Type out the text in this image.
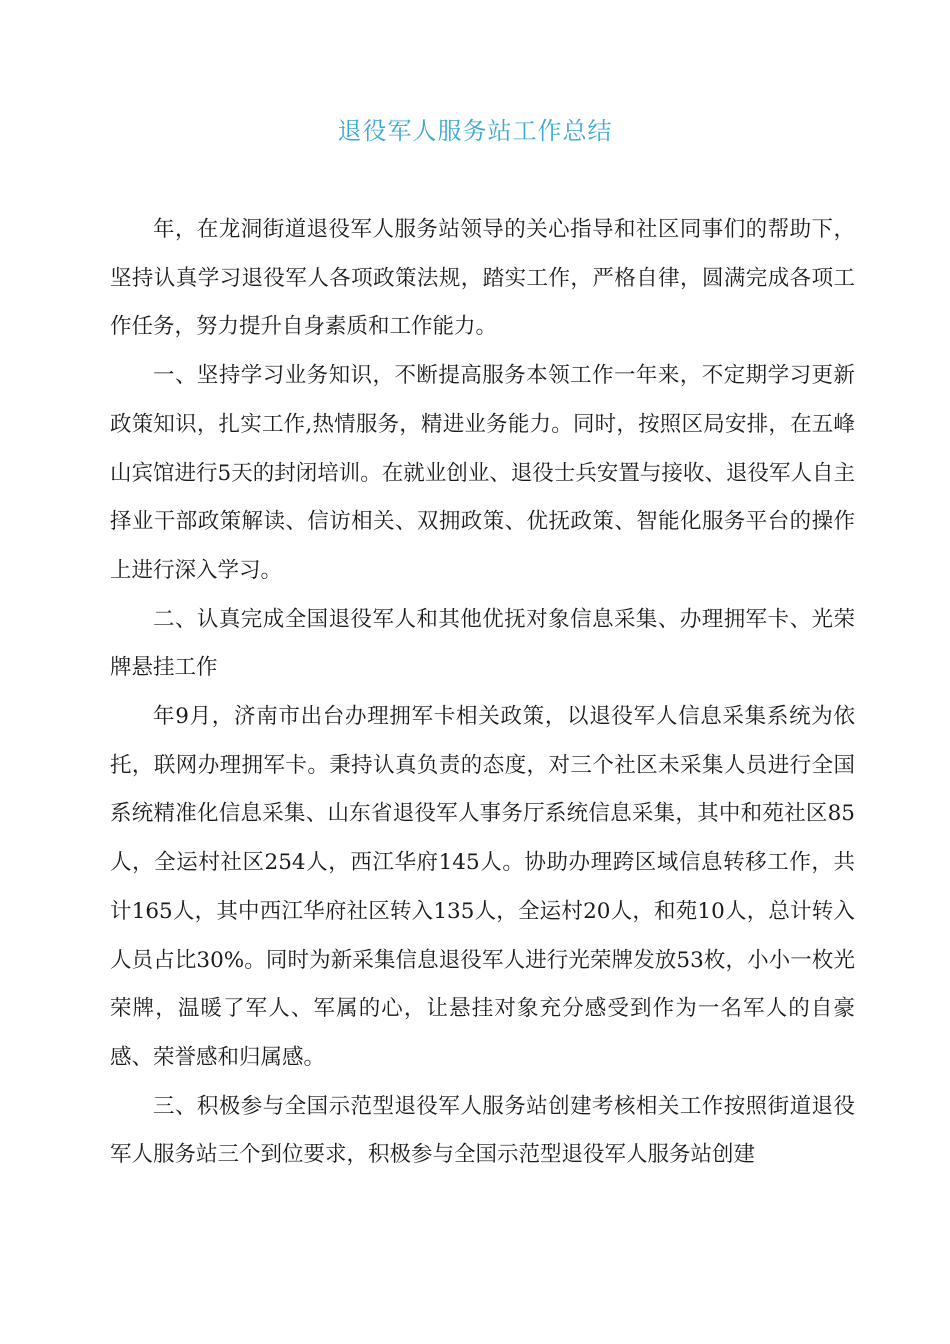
退役军人服务站工作总结

年，在龙洞街道退役军人服务站领导的关心指导和社区同事们的帮助下，坚持认真学习退役军人各项政策法规，踏实工作，严格自律，圆满完成各项工作任务，努力提升自身素质和工作能力。

一、坚持学习业务知识，不断提高服务本领工作一年来，不定期学习更新政策知识，扎实工作,热情服务，精进业务能力。同时，按照区局安排，在五峰山宾馆进行5天的封闭培训。在就业创业、退役士兵安置与接收、退役军人自主择业干部政策解读、信访相关、双拥政策、优抚政策、智能化服务平台的操作上进行深入学习。

二、认真完成全国退役军人和其他优抚对象信息采集、办理拥军卡、光荣牌悬挂工作

年9月，济南市出台办理拥军卡相关政策，以退役军人信息采集系统为依托，联网办理拥军卡。秉持认真负责的态度，对三个社区未采集人员进行全国系统精准化信息采集、山东省退役军人事务厅系统信息采集，其中和苑社区85人，全运村社区254人，西江华府145人。协助办理跨区域信息转移工作，共计165人，其中西江华府社区转入135人，全运村20人，和苑10人，总计转入人员占比30%。同时为新采集信息退役军人进行光荣牌发放53枚，小小一枚光荣牌，温暖了军人、军属的心，让悬挂对象充分感受到作为一名军人的自豪感、荣誉感和归属感。

三、积极参与全国示范型退役军人服务站创建考核相关工作按照街道退役军人服务站三个到位要求，积极参与全国示范型退役军人服务站创建
